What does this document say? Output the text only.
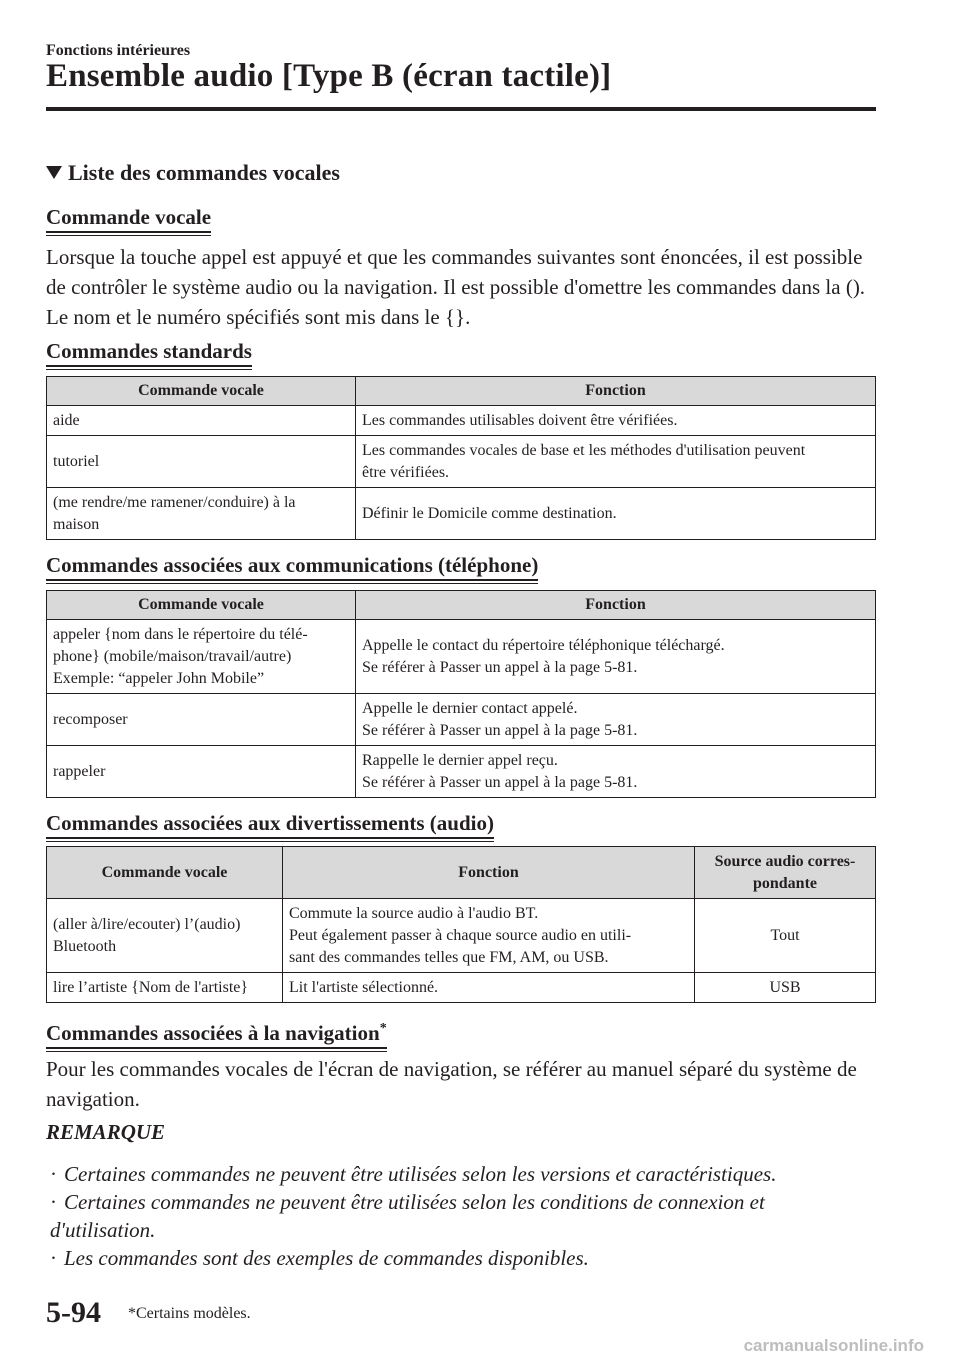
Fonctions intérieures
Ensemble audio [Type B (écran tactile)]
Liste des commandes vocales
Commande vocale
Lorsque la touche appel est appuyé et que les commandes suivantes sont énoncées, il est possible de contrôler le système audio ou la navigation. Il est possible d'omettre les commandes dans la (). Le nom et le numéro spécifiés sont mis dans le {}.
Commandes standards
Commande vocale	Fonction
aide	Les commandes utilisables doivent être vérifiées.
tutoriel	Les commandes vocales de base et les méthodes d'utilisation peuvent
être vérifiées.
(me rendre/me ramener/conduire) à la
maison	Définir le Domicile comme destination.
Commandes associées aux communications (téléphone)
Commande vocale	Fonction
appeler {nom dans le répertoire du télé-
phone} (mobile/maison/travail/autre)
Exemple: “appeler John Mobile”	Appelle le contact du répertoire téléphonique téléchargé.
Se référer à Passer un appel à la page 5-81.
recomposer	Appelle le dernier contact appelé.
Se référer à Passer un appel à la page 5-81.
rappeler	Rappelle le dernier appel reçu.
Se référer à Passer un appel à la page 5-81.
Commandes associées aux divertissements (audio)
Commande vocale	Fonction	Source audio corres-
pondante
(aller à/lire/ecouter) l’(audio)
Bluetooth	Commute la source audio à l'audio BT.
Peut également passer à chaque source audio en utili-
sant des commandes telles que FM, AM, ou USB.	Tout
lire l’artiste {Nom de l'artiste}	Lit l'artiste sélectionné.	USB
Commandes associées à la navigation*
Pour les commandes vocales de l'écran de navigation, se référer au manuel séparé du système de navigation.
REMARQUE
· Certaines commandes ne peuvent être utilisées selon les versions et caractéristiques.
· Certaines commandes ne peuvent être utilisées selon les conditions de connexion et
d'utilisation.
· Les commandes sont des exemples de commandes disponibles.
5-94 *Certains modèles.
carmanualsonline.info
